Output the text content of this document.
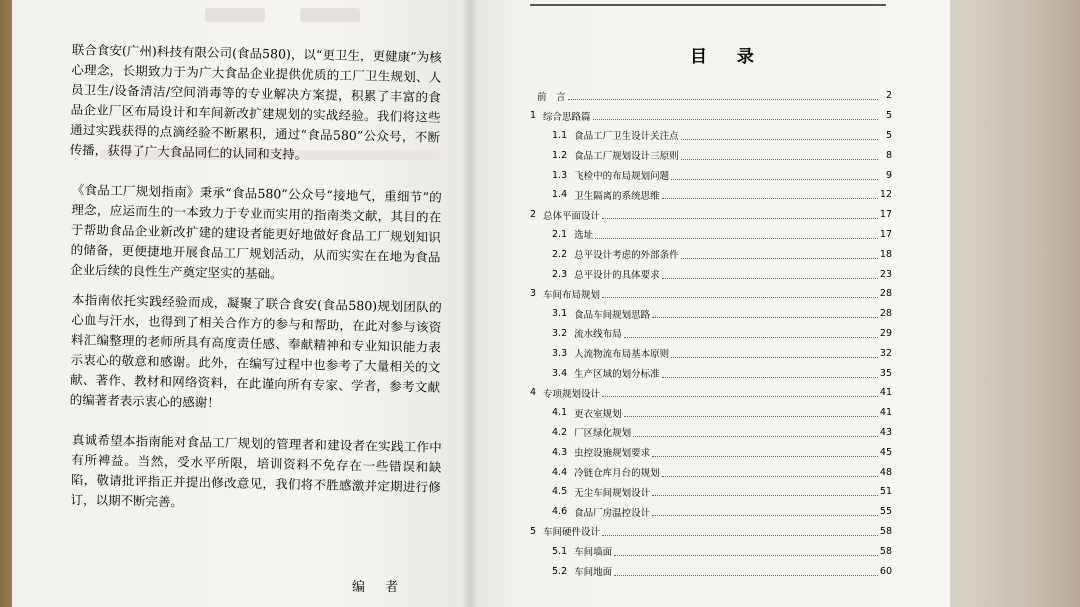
联合食安(广州)科技有限公司(食品580)，以“更卫生，更健康”为核心理念，长期致力于为广大食品企业提供优质的工厂卫生规划、人员卫生/设备清洁/空间消毒等的专业解决方案提，积累了丰富的食品企业厂区布局设计和车间新改扩建规划的实战经验。我们将这些通过实践获得的点滴经验不断累积，通过“食品580”公众号，不断传播，获得了广大食品同仁的认同和支持。

《食品工厂规划指南》秉承“食品580”公众号“接地气，重细节”的理念，应运而生的一本致力于专业而实用的指南类文献，其目的在于帮助食品企业新改扩建的建设者能更好地做好食品工厂规划知识的储备，更便捷地开展食品工厂规划活动，从而实实在在地为食品企业后续的良性生产奠定坚实的基础。

本指南依托实践经验而成，凝聚了联合食安(食品580)规划团队的心血与汗水，也得到了相关合作方的参与和帮助，在此对参与该资料汇编整理的老师所具有高度责任感、奉献精神和专业知识能力表示衷心的敬意和感谢。此外，在编写过程中也参考了大量相关的文献、著作、教材和网络资料，在此谨向所有专家、学者，参考文献的编著者表示衷心的感谢！

真诚希望本指南能对食品工厂规划的管理者和建设者在实践工作中有所裨益。当然，受水平所限，培训资料不免存在一些错误和缺陷，敬请批评指正并提出修改意见，我们将不胜感激并定期进行修订，以期不断完善。

编 者
目 录
前　言	2
1 综合思路篇	5
1.1 食品工厂卫生设计关注点	5
1.2 食品工厂规划设计三原则	8
1.3 飞检中的布局规划问题	9
1.4 卫生隔离的系统思维	12
2 总体平面设计	17
2.1 选址	17
2.2 总平设计考虑的外部条件	18
2.3 总平设计的具体要求	23
3 车间布局规划	28
3.1 食品车间规划思路	28
3.2 流水线布局	29
3.3 人流物流布局基本原则	32
3.4 生产区域的划分标准	35
4 专项规划设计	41
4.1 更衣室规划	41
4.2 厂区绿化规划	43
4.3 虫控设施规划要求	45
4.4 冷链仓库月台的规划	48
4.5 无尘车间规划设计	51
4.6 食品厂房温控设计	55
5 车间硬件设计	58
5.1 车间墙面	58
5.2 车间地面	60
